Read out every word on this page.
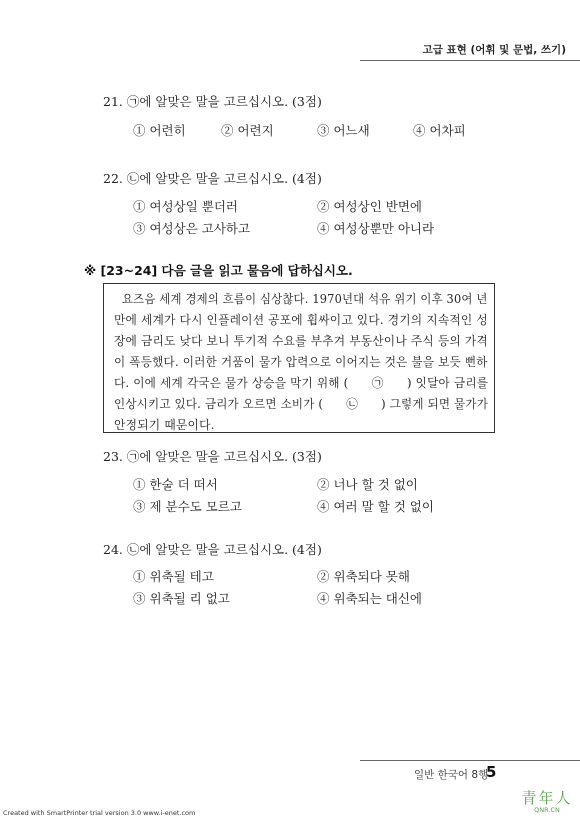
고급 표현 (어휘 및 문법, 쓰기)
21. ㉠에 알맞은 말을 고르십시오. (3점)
① 어련히	② 어련지	③ 어느새	④ 어차피
22. ㉡에 알맞은 말을 고르십시오. (4점)
① 여성상일 뿐더러	② 여성상인 반면에
③ 여성상은 고사하고	④ 여성상뿐만 아니라
※ [23~24] 다음 글을 읽고 물음에 답하십시오.
요즈음 세계 경제의 흐름이 심상찮다. 1970년대 석유 위기 이후 30여 년
만에 세계가 다시 인플레이션 공포에 휩싸이고 있다. 경기의 지속적인 성
장에 금리도 낮다 보니 투기적 수요를 부추겨 부동산이나 주식 등의 가격
이 폭등했다. 이러한 거품이 물가 압력으로 이어지는 것은 불을 보듯 뻔하
다. 이에 세계 각국은 물가 상승을 막기 위해 (      ㉠      ) 잇달아 금리를
인상시키고 있다. 금리가 오르면 소비가 (      ㉡      ) 그렇게 되면 물가가
안정되기 때문이다.
23. ㉠에 알맞은 말을 고르십시오. (3점)
① 한술 더 떠서	② 너나 할 것 없이
③ 제 분수도 모르고	④ 여러 말 할 것 없이
24. ㉡에 알맞은 말을 고르십시오. (4점)
① 위축될 테고	② 위축되다 못해
③ 위축될 리 없고	④ 위축되는 대신에
일반 한국어 8행
5
Created with SmartPrinter trial version 3.0 www.i-enet.com
青年人
QNR.CN
